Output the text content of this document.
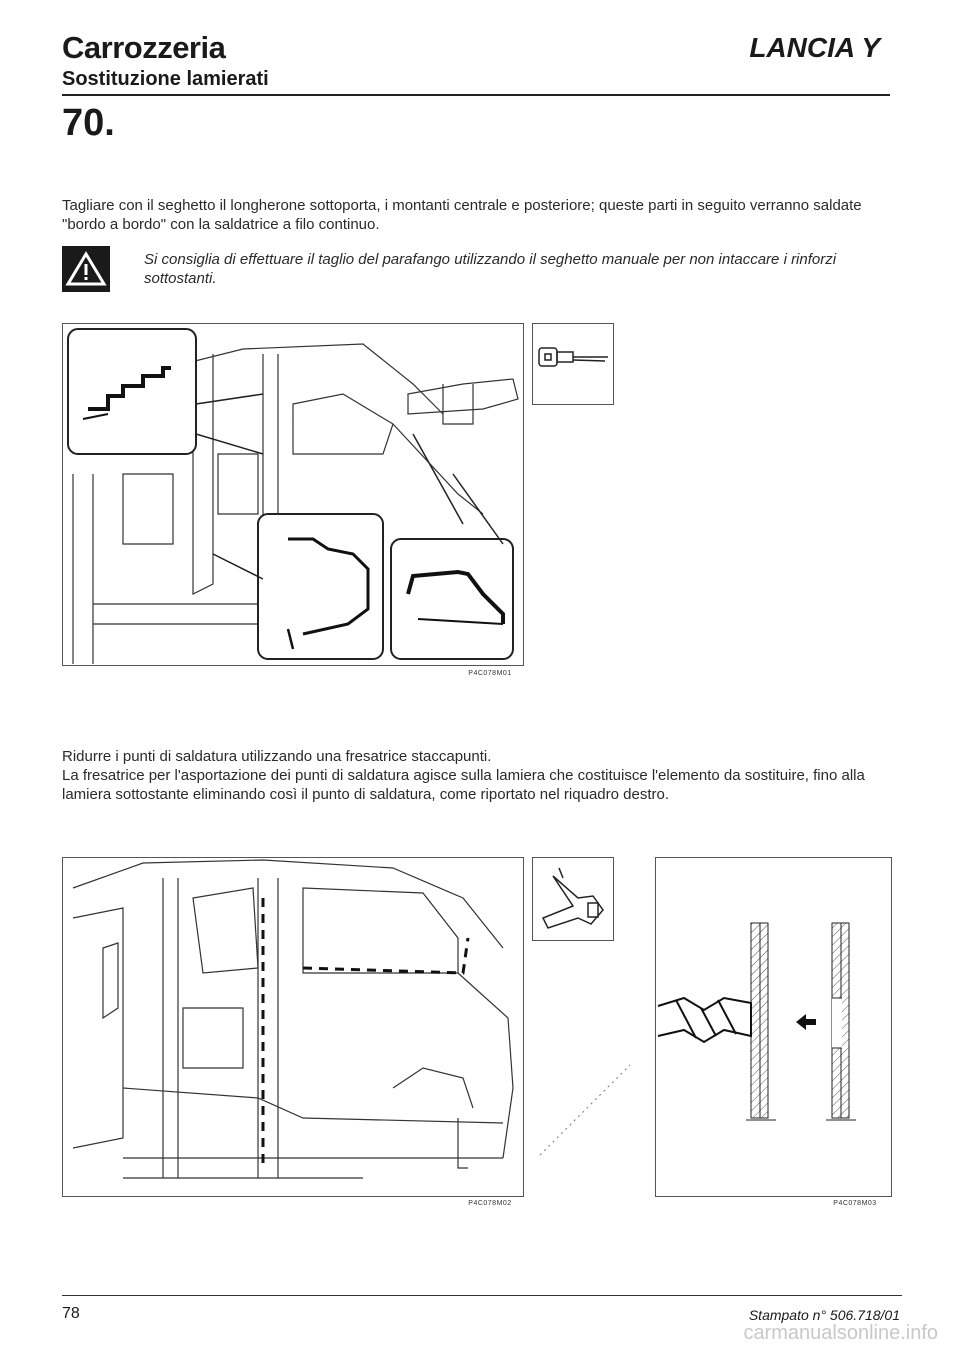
Carrozzeria
Sostituzione lamierati
LANCIA Y
70.
Tagliare con il seghetto il longherone sottoporta, i montanti centrale e posteriore; queste parti in seguito verranno saldate "bordo a bordo" con la saldatrice a filo continuo.
Si consiglia di effettuare il taglio del parafango utilizzando il seghetto manuale per non intaccare i rinforzi sottostanti.
P4C078M01
Ridurre i punti di saldatura utilizzando una fresatrice staccapunti.
La fresatrice per l'asportazione dei punti di saldatura agisce sulla lamiera che costituisce l'elemento da sostituire, fino alla lamiera sottostante eliminando così il punto di saldatura, come riportato nel riquadro destro.
P4C078M02	P4C078M03
78	Stampato n° 506.718/01
carmanualsonline.info
